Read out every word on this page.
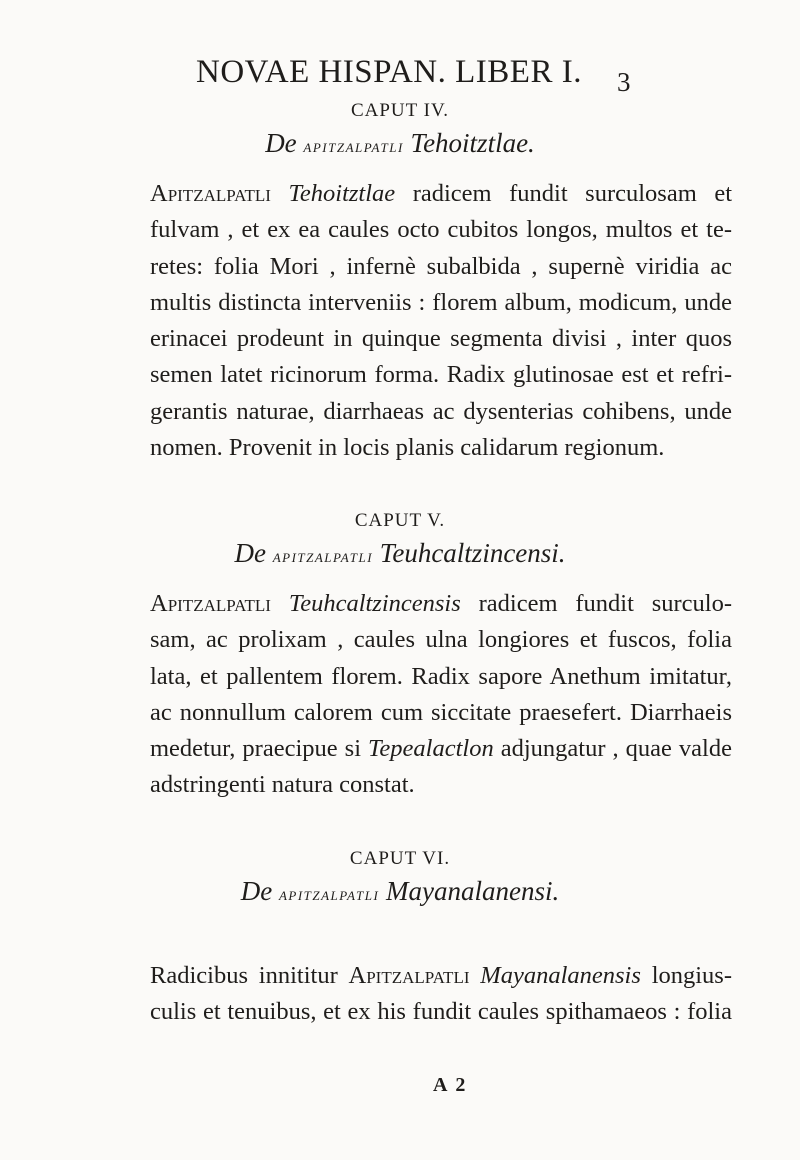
NOVAE HISPAN. LIBER I. 3
CAPUT IV.
De apitzalpatli Tehoitztlae.
Apitzalpatli Tehoitztlae radicem fundit surculosam et
fulvam , et ex ea caules octo cubitos longos, multos et te-
retes: folia Mori , infernè subalbida , supernè viridia ac
multis distincta interveniis : florem album, modicum, unde
erinacei prodeunt in quinque segmenta divisi , inter quos
semen latet ricinorum forma. Radix glutinosae est et refri-
gerantis naturae, diarrhaeas ac dysenterias cohibens, unde
nomen. Provenit in locis planis calidarum regionum.
CAPUT V.
De apitzalpatli Teuhcaltzincensi.
Apitzalpatli Teuhcaltzincensis radicem fundit surculo-
sam, ac prolixam , caules ulna longiores et fuscos, folia
lata, et pallentem florem. Radix sapore Anethum imitatur,
ac nonnullum calorem cum siccitate praesefert. Diarrhaeis
medetur, praecipue si Tepealactlon adjungatur , quae valde
adstringenti natura constat.
CAPUT VI.
De apitzalpatli Mayanalanensi.
Radicibus innititur Apitzalpatli Mayanalanensis longius-
culis et tenuibus, et ex his fundit caules spithamaeos : folia
A 2
